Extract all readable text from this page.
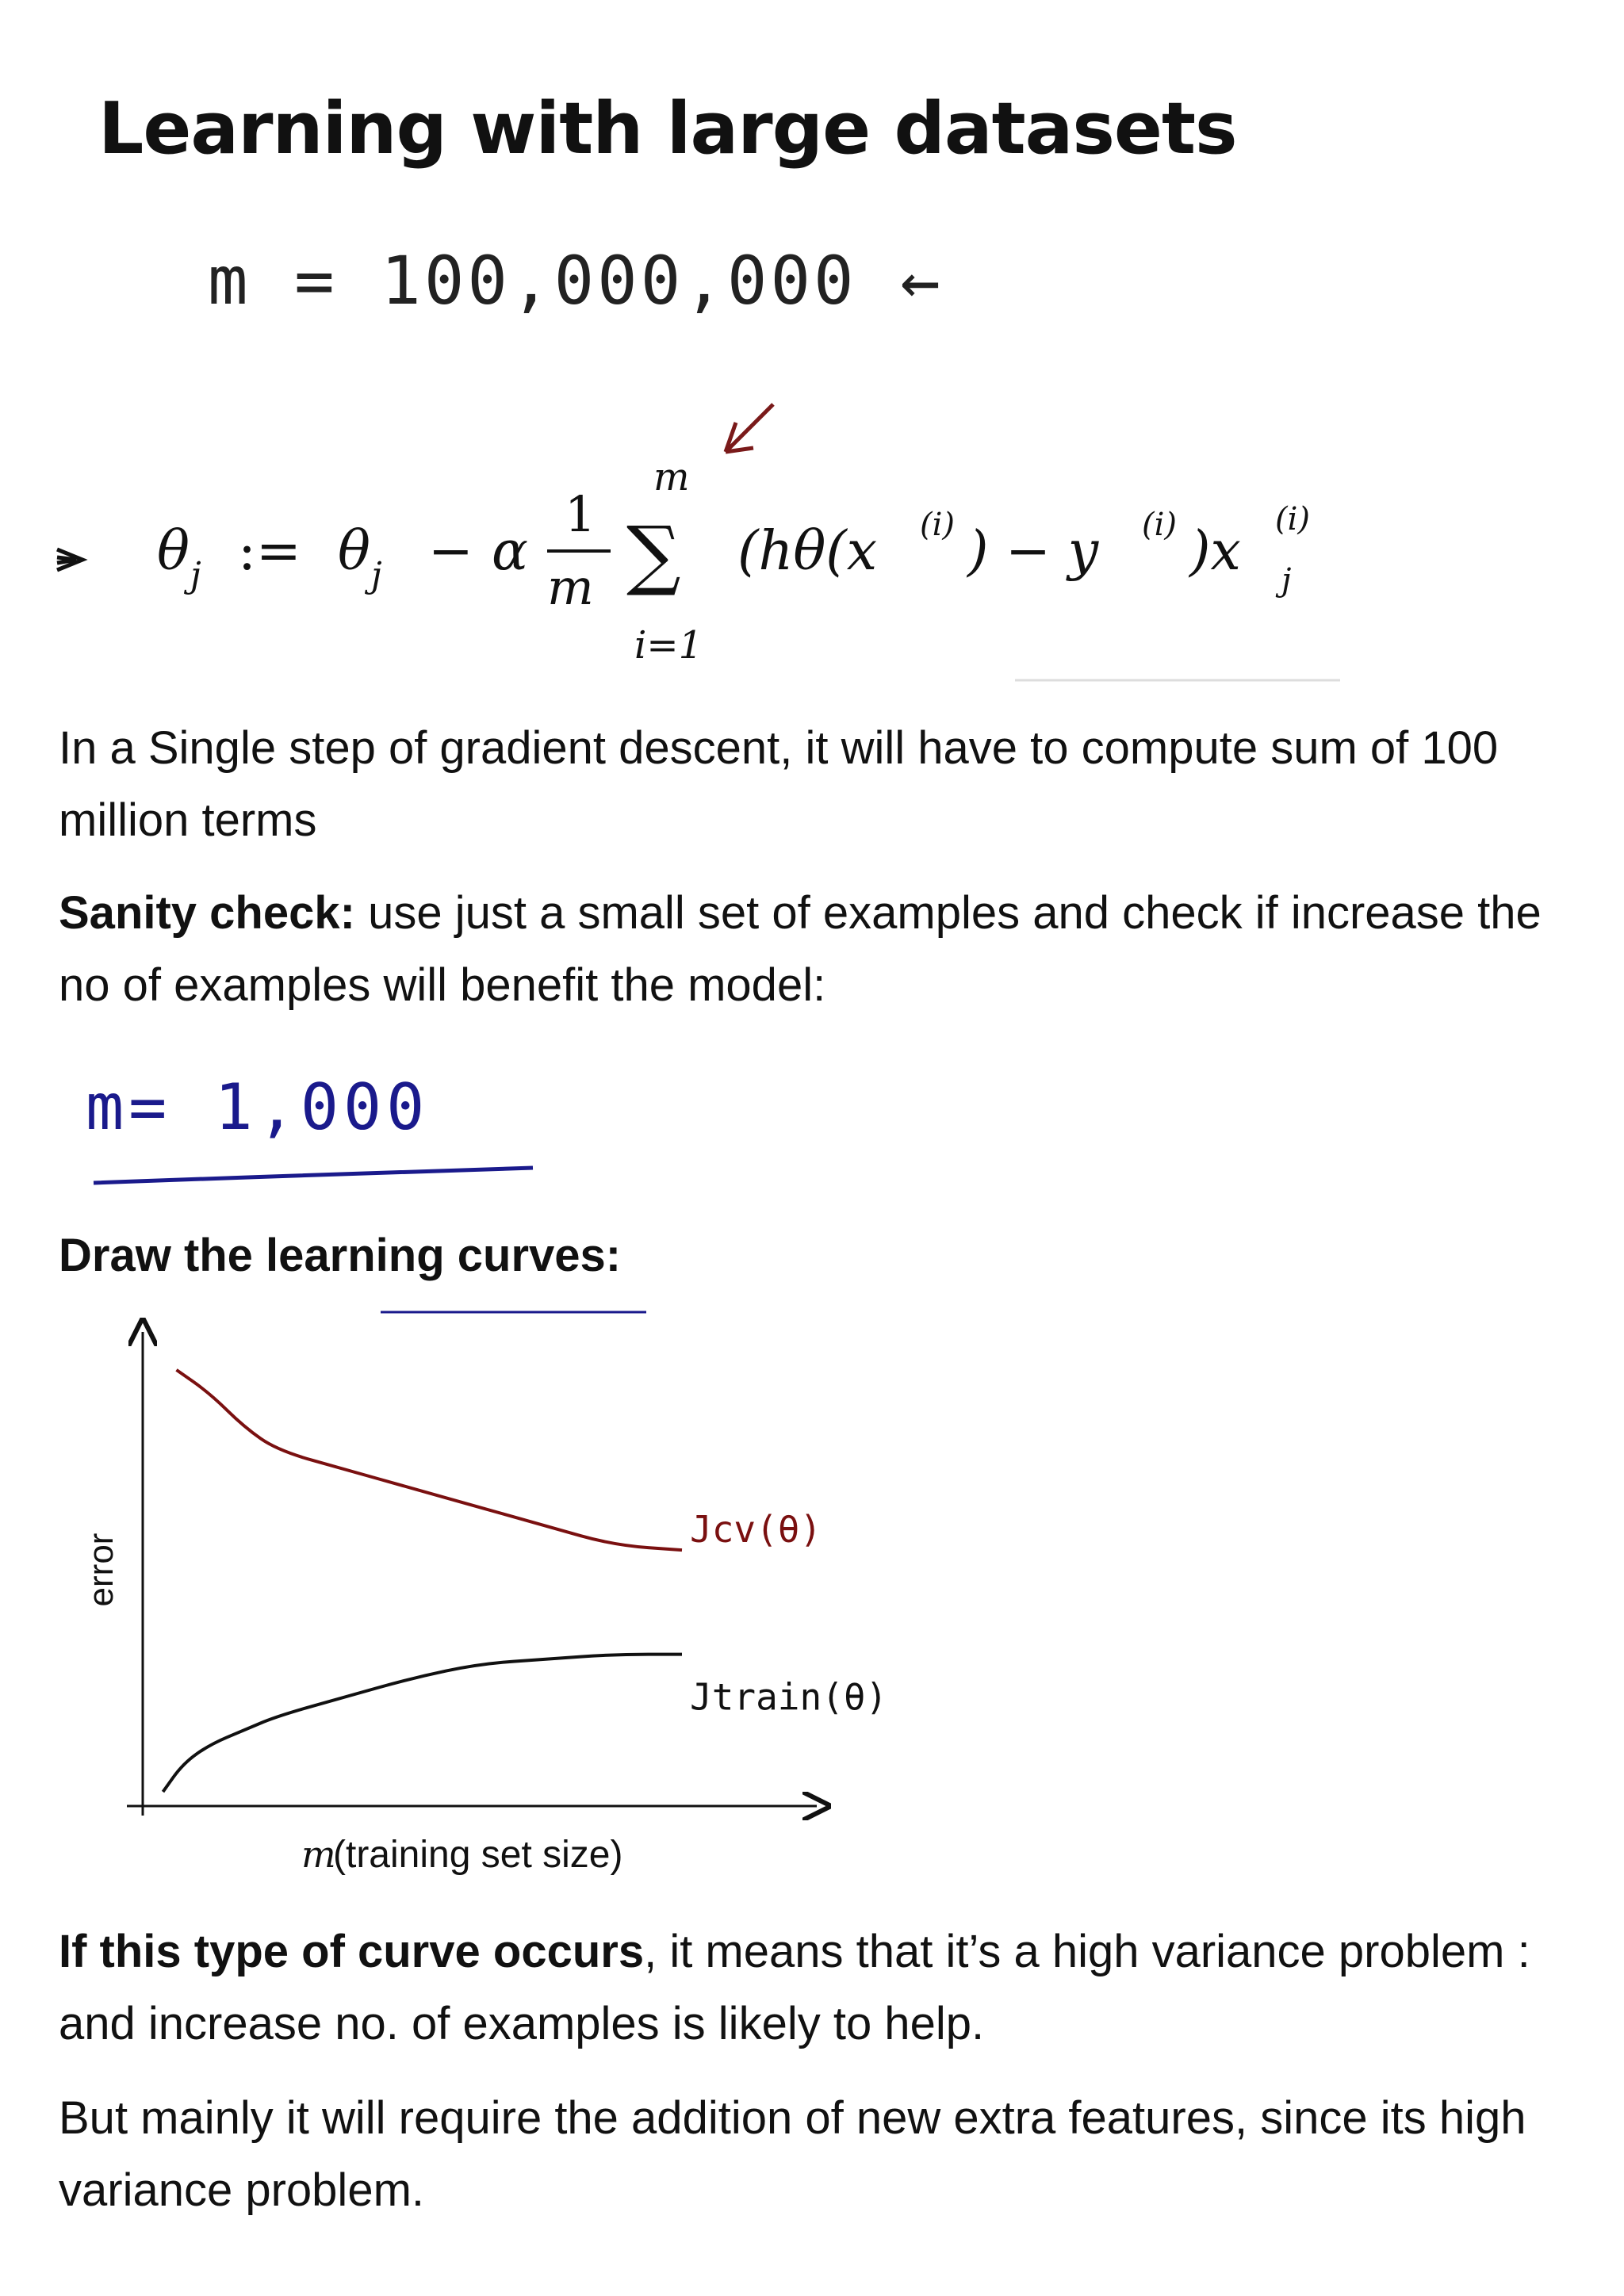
Learning with large datasets
m = 100,000,000 ←
θ j := θ j − α
1
m
m
∑
i=1
(hθ(x (i) ) − y (i) )x
(i)
j

In a Single step of gradient descent, it will have to compute sum of 100 million terms

Sanity check: use just a small set of examples and check if increase the no of examples will benefit the model:

m= 1,000

Draw the learning curves:

error
m
(training set size)
Jcv(θ)
Jtrain(θ)

If this type of curve occurs, it means that it’s a high variance problem : and increase no. of examples is likely to help.

But mainly it will require the addition of new extra features, since its high variance problem.
